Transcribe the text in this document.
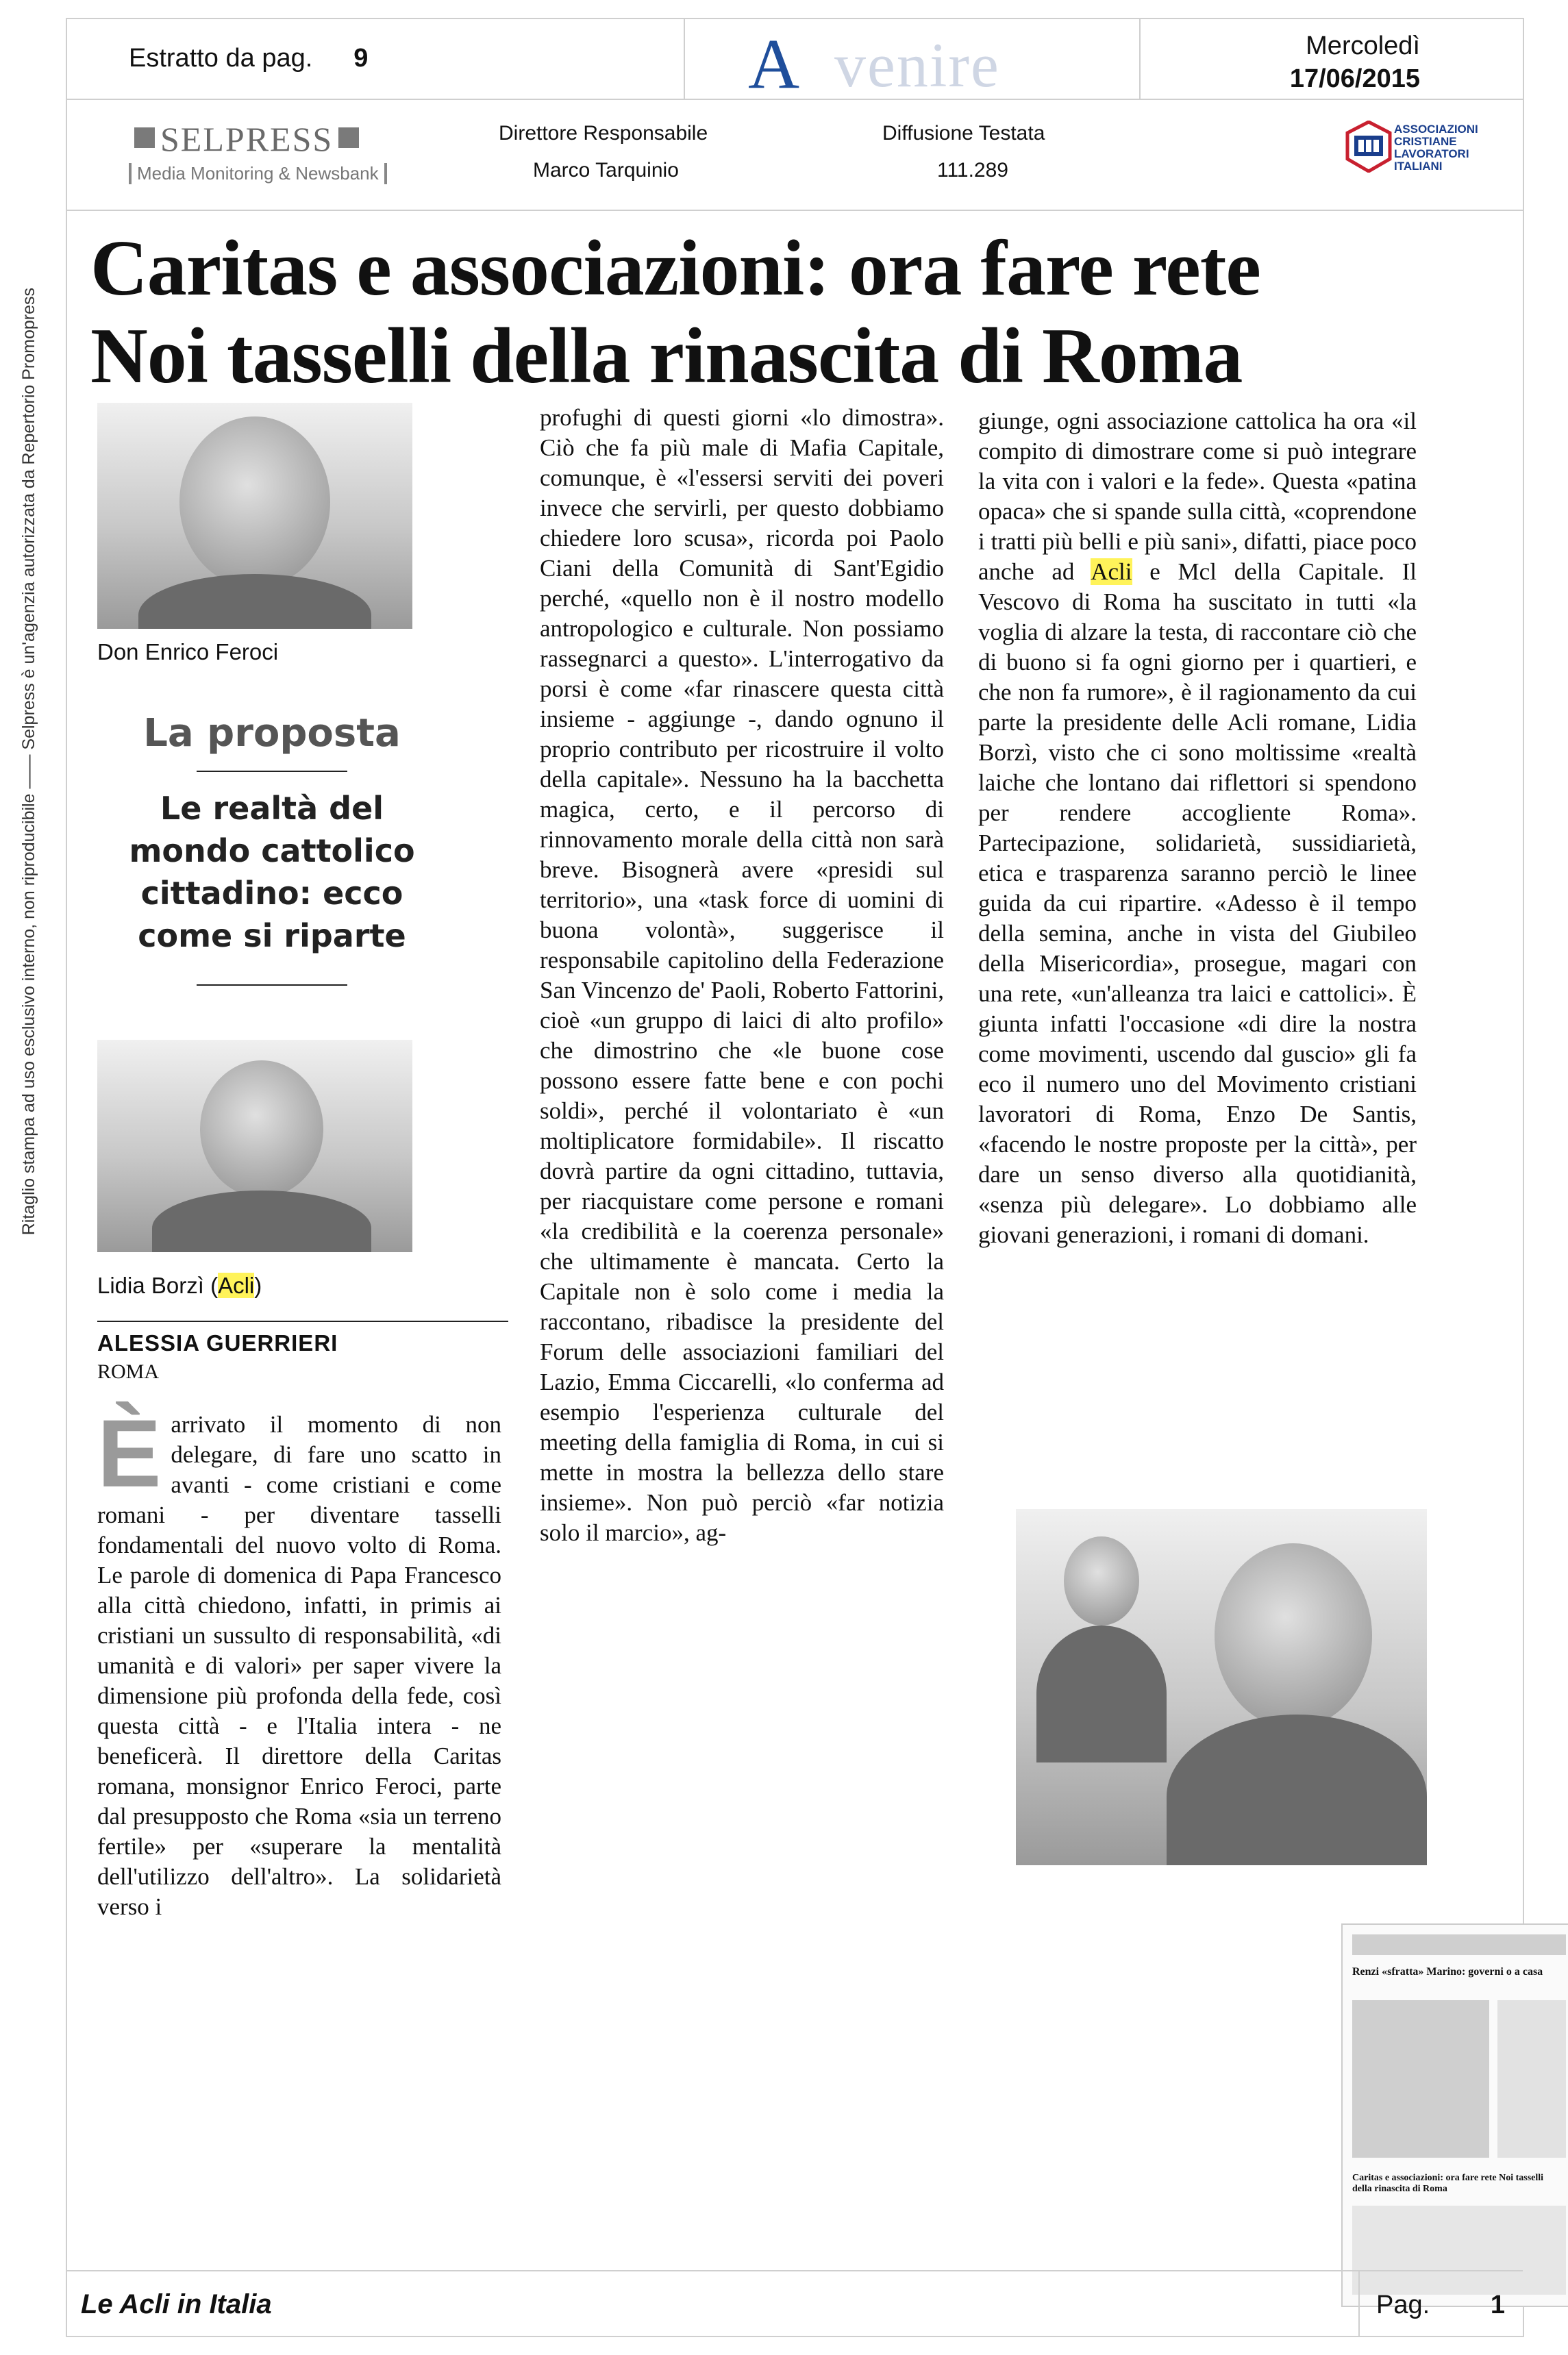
Estratto da pag. 9	A venire	Mercoledì
17/06/2015
SELPRESS
Media Monitoring & Newsbank
Direttore Responsabile
Marco Tarquinio
Diffusione Testata
111.289
ASSOCIAZIONI CRISTIANE LAVORATORI ITALIANI
Caritas e associazioni: ora fare rete
Noi tasselli della rinascita di Roma
Don Enrico Feroci
La proposta
Le realtà del mondo cattolico cittadino: ecco come si riparte
Lidia Borzì (Acli)
ALESSIA GUERRIERI
ROMA

Èarrivato il momento di non delegare, di fare uno scatto in avanti - come cristiani e come romani - per diventare tasselli fondamentali del nuovo volto di Roma. Le parole di domenica di Papa Francesco alla città chiedono, infatti, in primis ai cristiani un sussulto di responsabilità, «di umanità e di valori» per saper vivere la dimensione più profonda della fede, così questa città - e l'Italia intera - ne beneficerà. Il direttore della Caritas romana, monsignor Enrico Feroci, parte dal presupposto che Roma «sia un terreno fertile» per «superare la mentalità dell'utilizzo dell'altro». La solidarietà verso i

profughi di questi giorni «lo dimostra». Ciò che fa più male di Mafia Capitale, comunque, è «l'essersi serviti dei poveri invece che servirli, per questo dobbiamo chiedere loro scusa», ricorda poi Paolo Ciani della Comunità di Sant'Egidio perché, «quello non è il nostro modello antropologico e culturale. Non possiamo rassegnarci a questo». L'interrogativo da porsi è come «far rinascere questa città insieme - aggiunge -, dando ognuno il proprio contributo per ricostruire il volto della capitale». Nessuno ha la bacchetta magica, certo, e il percorso di rinnovamento morale della città non sarà breve. Bisognerà avere «presidi sul territorio», una «task force di uomini di buona volontà», suggerisce il responsabile capitolino della Federazione San Vincenzo de' Paoli, Roberto Fattorini, cioè «un gruppo di laici di alto profilo» che dimostrino che «le buone cose possono essere fatte bene e con pochi soldi», perché il volontariato è «un moltiplicatore formidabile». Il riscatto dovrà partire da ogni cittadino, tuttavia, per riacquistare come persone e romani «la credibilità e la coerenza personale» che ultimamente è mancata. Certo la Capitale non è solo come i media la raccontano, ribadisce la presidente del Forum delle associazioni familiari del Lazio, Emma Ciccarelli, «lo conferma ad esempio l'esperienza culturale del meeting della famiglia di Roma, in cui si mette in mostra la bellezza dello stare insieme». Non può perciò «far notizia solo il marcio», ag-

giunge, ogni associazione cattolica ha ora «il compito di dimostrare come si può integrare la vita con i valori e la fede». Questa «patina opaca» che si spande sulla città, «coprendone i tratti più belli e più sani», difatti, piace poco anche ad Acli e Mcl della Capitale. Il Vescovo di Roma ha suscitato in tutti «la voglia di alzare la testa, di raccontare ciò che di buono si fa ogni giorno per i quartieri, e che non fa rumore», è il ragionamento da cui parte la presidente delle Acli romane, Lidia Borzì, visto che ci sono moltissime «realtà laiche che lontano dai riflettori si spendono per rendere accogliente Roma». Partecipazione, solidarietà, sussidiarietà, etica e trasparenza saranno perciò le linee guida da cui ripartire. «Adesso è il tempo della semina, anche in vista del Giubileo della Misericordia», prosegue, magari con una rete, «un'alleanza tra laici e cattolici». È giunta infatti l'occasione «di dire la nostra come movimenti, uscendo dal guscio» gli fa eco il numero uno del Movimento cristiani lavoratori di Roma, Enzo De Santis, «facendo le nostre proposte per la città», per dare un senso diverso alla quotidianità, «senza più delegare». Lo dobbiamo alle giovani generazioni, i romani di domani.

Renzi «sfratta» Marino: governi o a casa
Caritas e associazioni: ora fare rete Noi tasselli della rinascita di Roma
Le Acli in Italia	Pag. 1
Ritaglio stampa ad uso esclusivo interno, non riproducibile —— Selpress è un'agenzia autorizzata da Repertorio Promopress
